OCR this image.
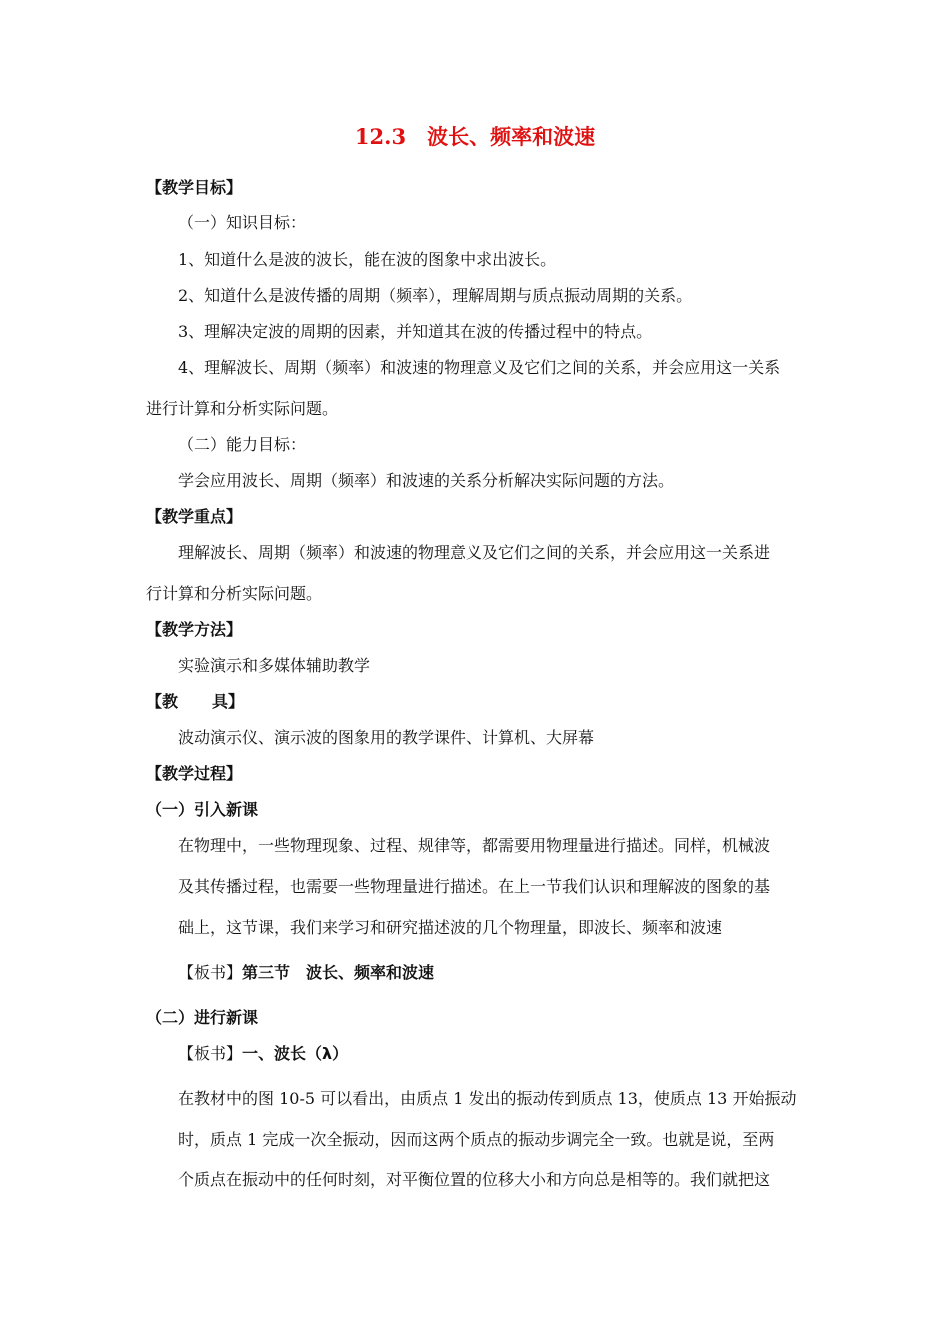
12.3　波长、频率和波速
【教学目标】
（一）知识目标：
1、知道什么是波的波长，能在波的图象中求出波长。
2、知道什么是波传播的周期（频率），理解周期与质点振动周期的关系。
3、理解决定波的周期的因素，并知道其在波的传播过程中的特点。
4、理解波长、周期（频率）和波速的物理意义及它们之间的关系，并会应用这一关系
进行计算和分析实际问题。
（二）能力目标：
学会应用波长、周期（频率）和波速的关系分析解决实际问题的方法。
【教学重点】
理解波长、周期（频率）和波速的物理意义及它们之间的关系，并会应用这一关系进
行计算和分析实际问题。
【教学方法】
实验演示和多媒体辅助教学
【教 具】
波动演示仪、演示波的图象用的教学课件、计算机、大屏幕
【教学过程】
（一）引入新课
在物理中，一些物理现象、过程、规律等，都需要用物理量进行描述。同样，机械波
及其传播过程，也需要一些物理量进行描述。在上一节我们认识和理解波的图象的基
础上，这节课，我们来学习和研究描述波的几个物理量，即波长、频率和波速
【板书】第三节　波长、频率和波速
（二）进行新课
【板书】一、波长（λ）
在教材中的图 10-5 可以看出，由质点 1 发出的振动传到质点 13，使质点 13 开始振动
时，质点 1 完成一次全振动，因而这两个质点的振动步调完全一致。也就是说，至两
个质点在振动中的任何时刻，对平衡位置的位移大小和方向总是相等的。我们就把这
